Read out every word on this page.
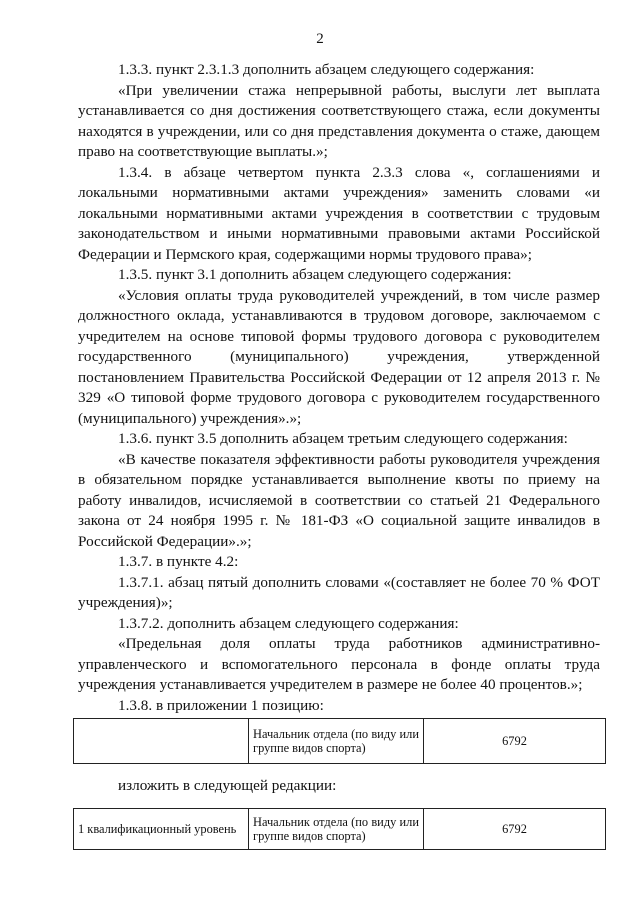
2

1.3.3. пункт 2.3.1.3 дополнить абзацем следующего содержания:

«При увеличении стажа непрерывной работы, выслуги лет выплата устанавливается со дня достижения соответствующего стажа, если документы находятся в учреждении, или со дня представления документа о стаже, дающем право на соответствующие выплаты.»;

1.3.4. в абзаце четвертом пункта 2.3.3 слова «, соглашениями и локальными нормативными актами учреждения» заменить словами «и локальными нормативными актами учреждения в соответствии с трудовым законодательством и иными нормативными правовыми актами Российской Федерации и Пермского края, содержащими нормы трудового права»;

1.3.5. пункт 3.1 дополнить абзацем следующего содержания:

«Условия оплаты труда руководителей учреждений, в том числе размер должностного оклада, устанавливаются в трудовом договоре, заключаемом с учредителем на основе типовой формы трудового договора с руководителем государственного (муниципального) учреждения, утвержденной постановлением Правительства Российской Федерации от 12 апреля 2013 г. № 329 «О типовой форме трудового договора с руководителем государственного (муниципального) учреждения».»;

1.3.6. пункт 3.5 дополнить абзацем третьим следующего содержания:

«В качестве показателя эффективности работы руководителя учреждения в обязательном порядке устанавливается выполнение квоты по приему на работу инвалидов, исчисляемой в соответствии со статьей 21 Федерального закона от 24 ноября 1995 г. № 181-ФЗ «О социальной защите инвалидов в Российской Федерации».»;

1.3.7. в пункте 4.2:

1.3.7.1. абзац пятый дополнить словами «(составляет не более 70 % ФОТ учреждения)»;

1.3.7.2. дополнить абзацем следующего содержания:

«Предельная доля оплаты труда работников административно-управленческого и вспомогательного персонала в фонде оплаты труда учреждения устанавливается учредителем в размере не более 40 процентов.»;

1.3.8. в приложении 1 позицию:

	Начальник отдела (по виду или группе видов спорта)	6792

изложить в следующей редакции:

1 квалификационный уровень	Начальник отдела (по виду или группе видов спорта)	6792
